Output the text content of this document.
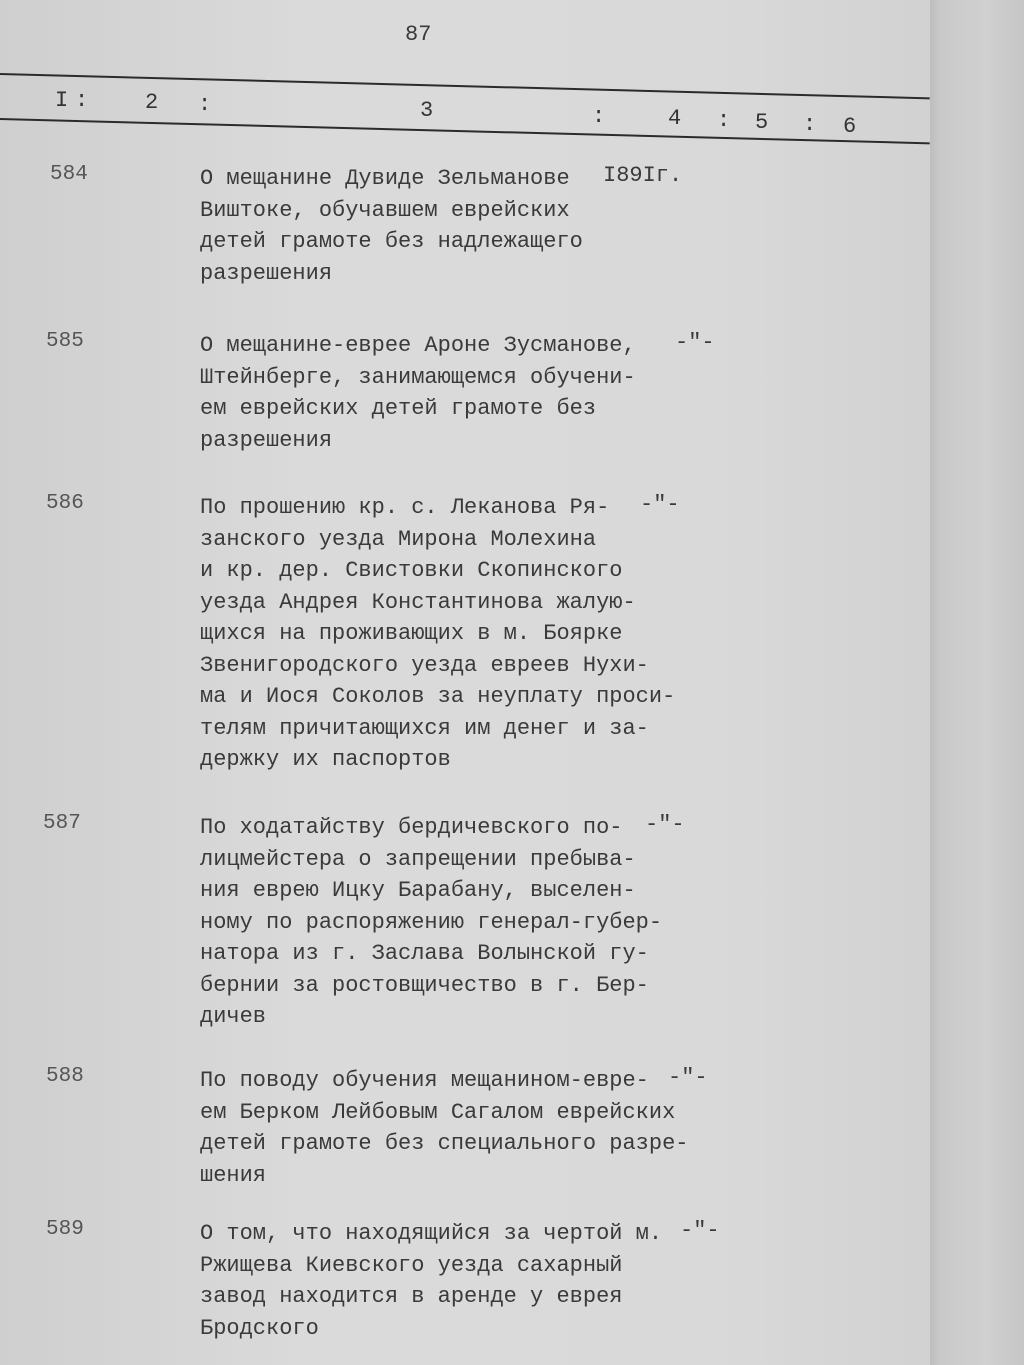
87
I :	2 :	3	:	4 : 5 : 6
584	О мещанине Дувиде Зельманове
Виштоке, обучавшем еврейских
детей грамоте без надлежащего
разрешения
I89Iг.
585	О мещанине-еврее Ароне Зусманове,
Штейнберге, занимающемся обучени-
ем еврейских детей грамоте без
разрешения
-"-
586	По прошению кр. с. Леканова Ря-
занского уезда Мирона Молехина
и кр. дер. Свистовки Скопинского
уезда Андрея Константинова жалую-
щихся на проживающих в м. Боярке
Звенигородского уезда евреев Нухи-
ма и Иося Соколов за неуплату проси-
телям причитающихся им денег и за-
держку их паспортов
-"-
587	По ходатайству бердичевского по-
лицмейстера о запрещении пребыва-
ния еврею Ицку Барабану, выселен-
ному по распоряжению генерал-губер-
натора из г. Заслава Волынской гу-
бернии за ростовщичество в г. Бер-
дичев
-"-
588	По поводу обучения мещанином-евре-
ем Берком Лейбовым Сагалом еврейских
детей грамоте без специального разре-
шения
-"-
589	О том, что находящийся за чертой м.
Ржищева Киевского уезда сахарный
завод находится в аренде у еврея
Бродского
-"-
